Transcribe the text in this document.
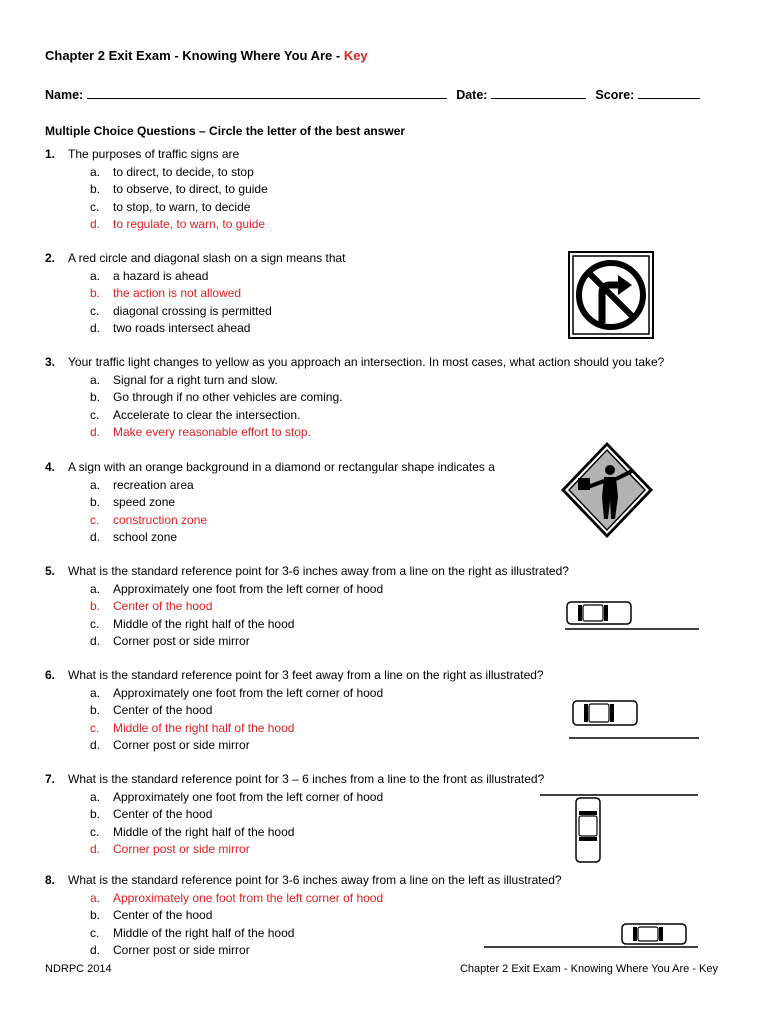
Chapter 2 Exit Exam - Knowing Where You Are - Key
Name:	Date:	Score:
Multiple Choice Questions – Circle the letter of the best answer
1. The purposes of traffic signs are
a. to direct, to decide, to stop
b. to observe, to direct, to guide
c. to stop, to warn, to decide
d. to regulate, to warn, to guide
2. A red circle and diagonal slash on a sign means that
a. a hazard is ahead
b. the action is not allowed
c. diagonal crossing is permitted
d. two roads intersect ahead
3. Your traffic light changes to yellow as you approach an intersection. In most cases, what action should you take?
a. Signal for a right turn and slow.
b. Go through if no other vehicles are coming.
c. Accelerate to clear the intersection.
d. Make every reasonable effort to stop.
4. A sign with an orange background in a diamond or rectangular shape indicates a
a. recreation area
b. speed zone
c. construction zone
d. school zone
5. What is the standard reference point for 3-6 inches away from a line on the right as illustrated?
a. Approximately one foot from the left corner of hood
b. Center of the hood
c. Middle of the right half of the hood
d. Corner post or side mirror
6. What is the standard reference point for 3 feet away from a line on the right as illustrated?
a. Approximately one foot from the left corner of hood
b. Center of the hood
c. Middle of the right half of the hood
d. Corner post or side mirror
7. What is the standard reference point for 3 – 6 inches from a line to the front as illustrated?
a. Approximately one foot from the left corner of hood
b. Center of the hood
c. Middle of the right half of the hood
d. Corner post or side mirror
8. What is the standard reference point for 3-6 inches away from a line on the left as illustrated?
a. Approximately one foot from the left corner of hood
b. Center of the hood
c. Middle of the right half of the hood
d. Corner post or side mirror
NDRPC 2014	Chapter 2 Exit Exam - Knowing Where You Are - Key
